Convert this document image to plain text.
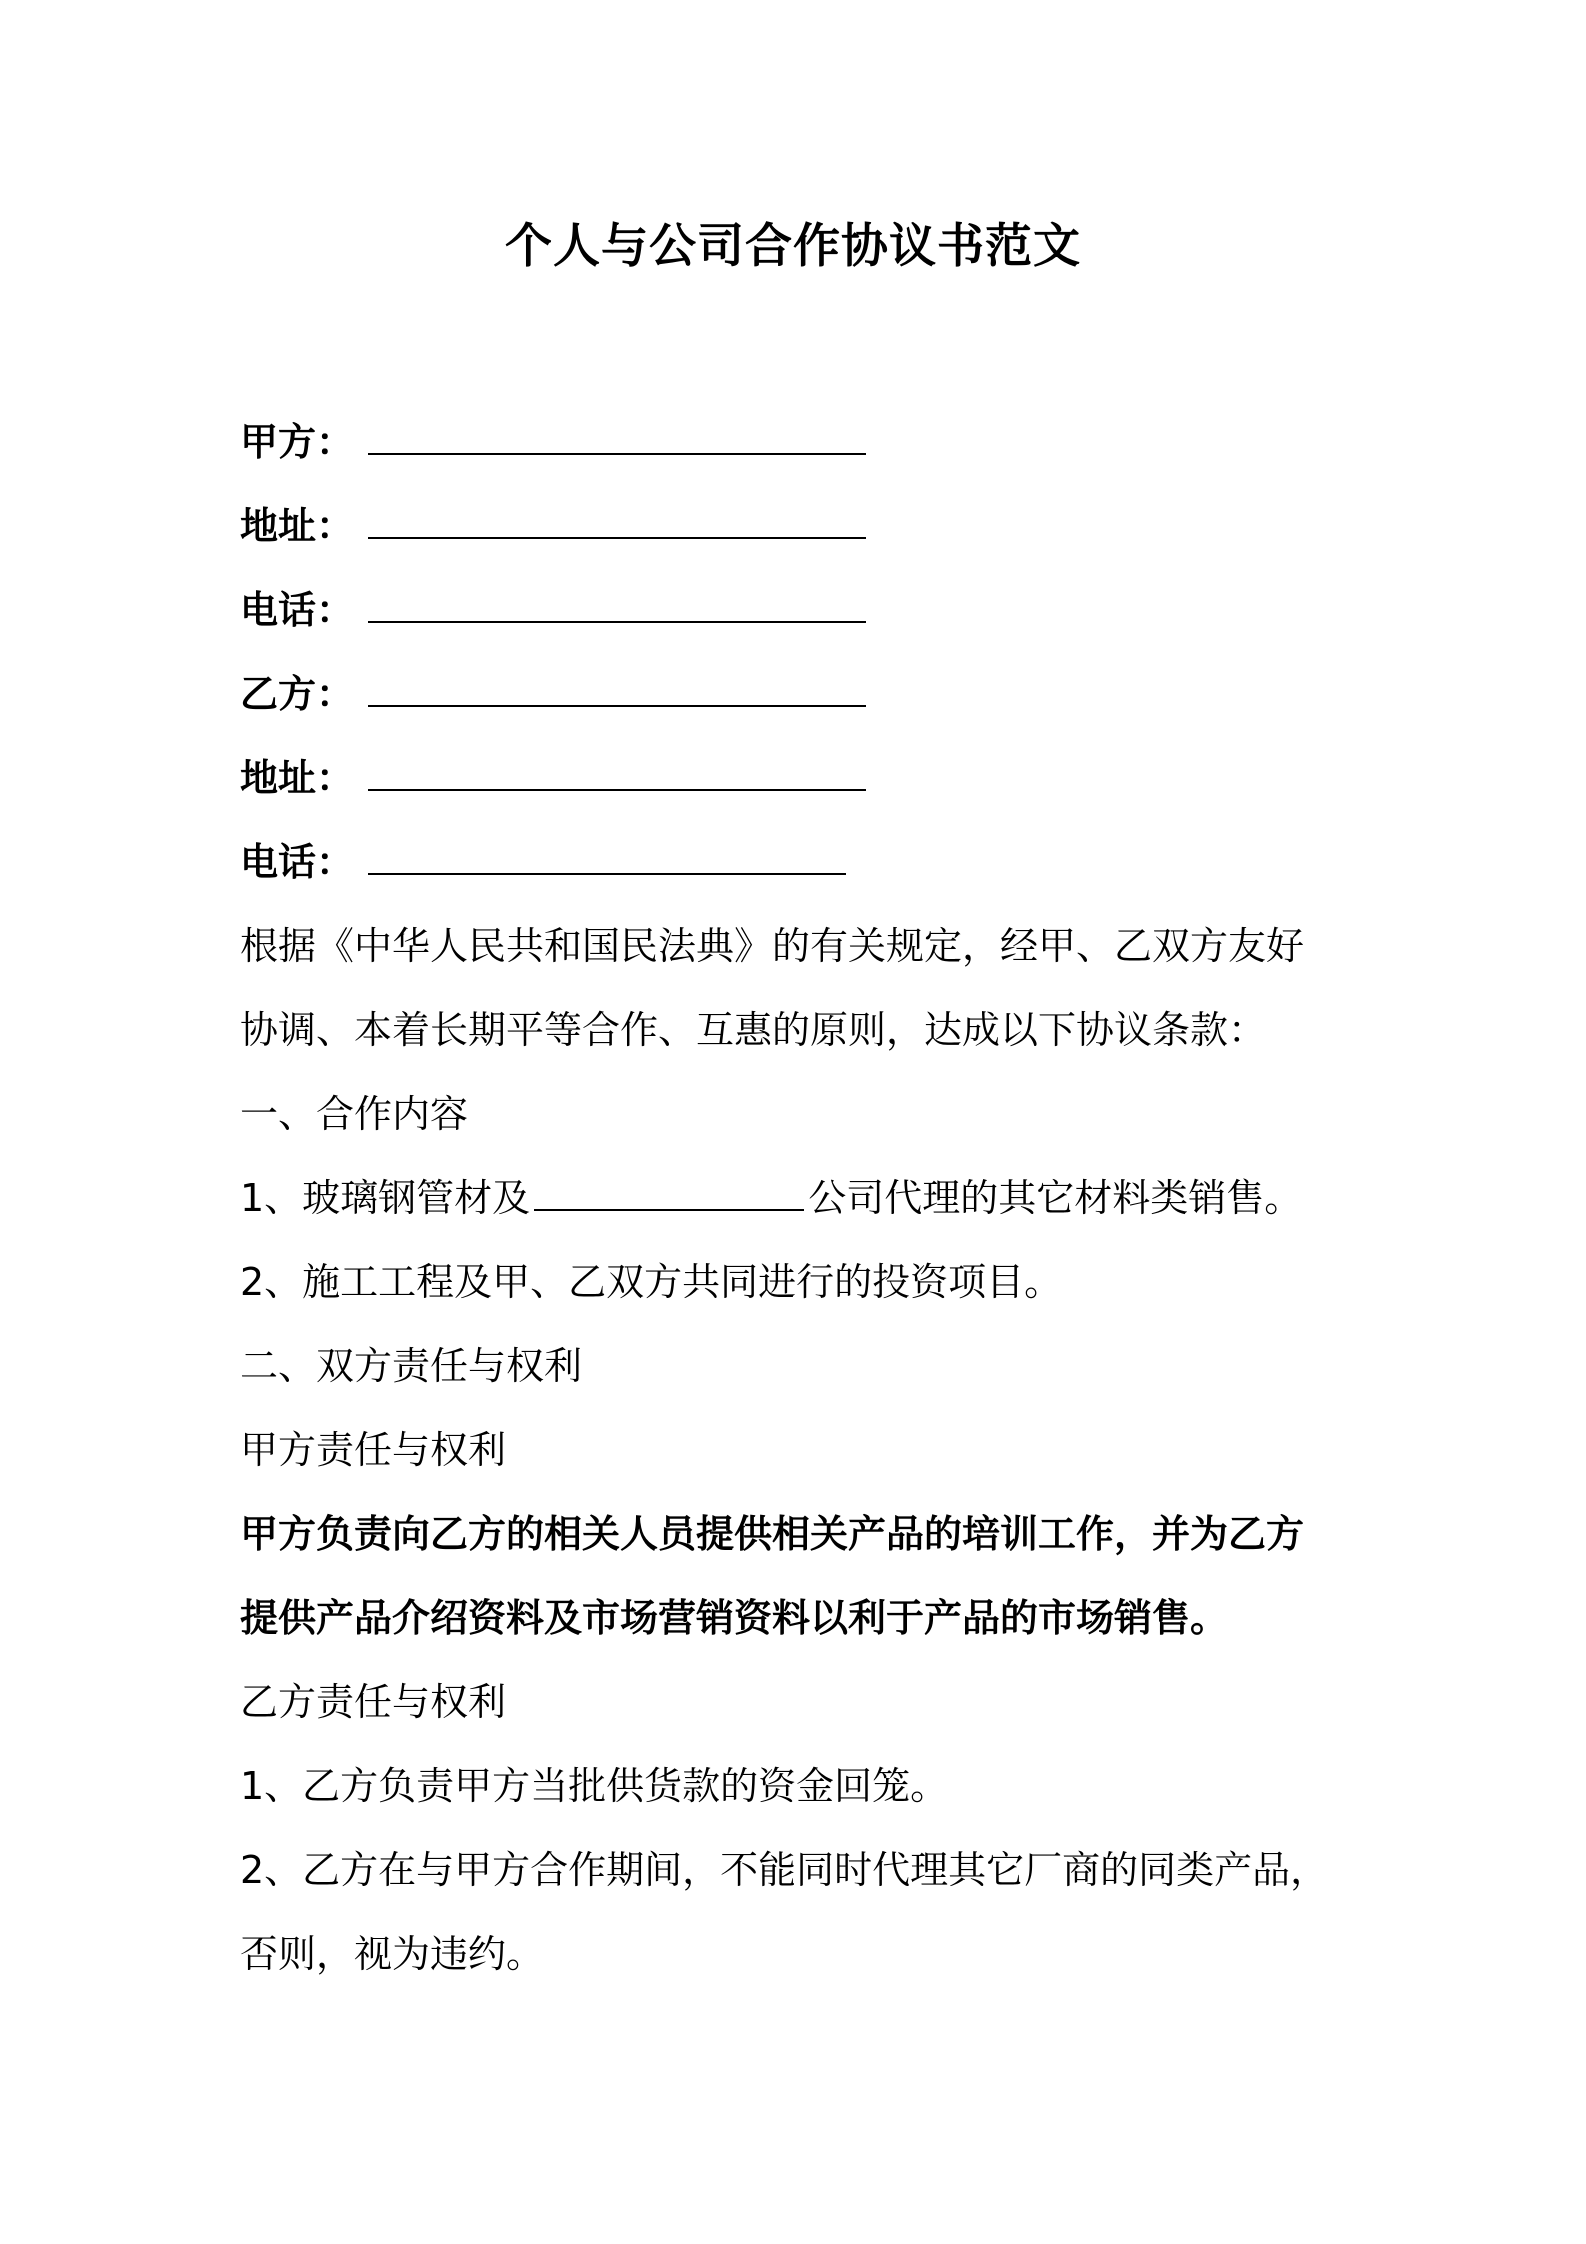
个人与公司合作协议书范文
甲方：
地址：
电话：
乙方：
地址：
电话：
根据《中华人民共和国民法典》的有关规定，经甲、乙双方友好
协调、本着长期平等合作、互惠的原则，达成以下协议条款：
一、合作内容
1、玻璃钢管材及	公司代理的其它材料类销售。
2、施工工程及甲、乙双方共同进行的投资项目。
二、双方责任与权利
甲方责任与权利
甲方负责向乙方的相关人员提供相关产品的培训工作，并为乙方
提供产品介绍资料及市场营销资料以利于产品的市场销售。
乙方责任与权利
1、乙方负责甲方当批供货款的资金回笼。
2、乙方在与甲方合作期间，不能同时代理其它厂商的同类产品，
否则，视为违约。
